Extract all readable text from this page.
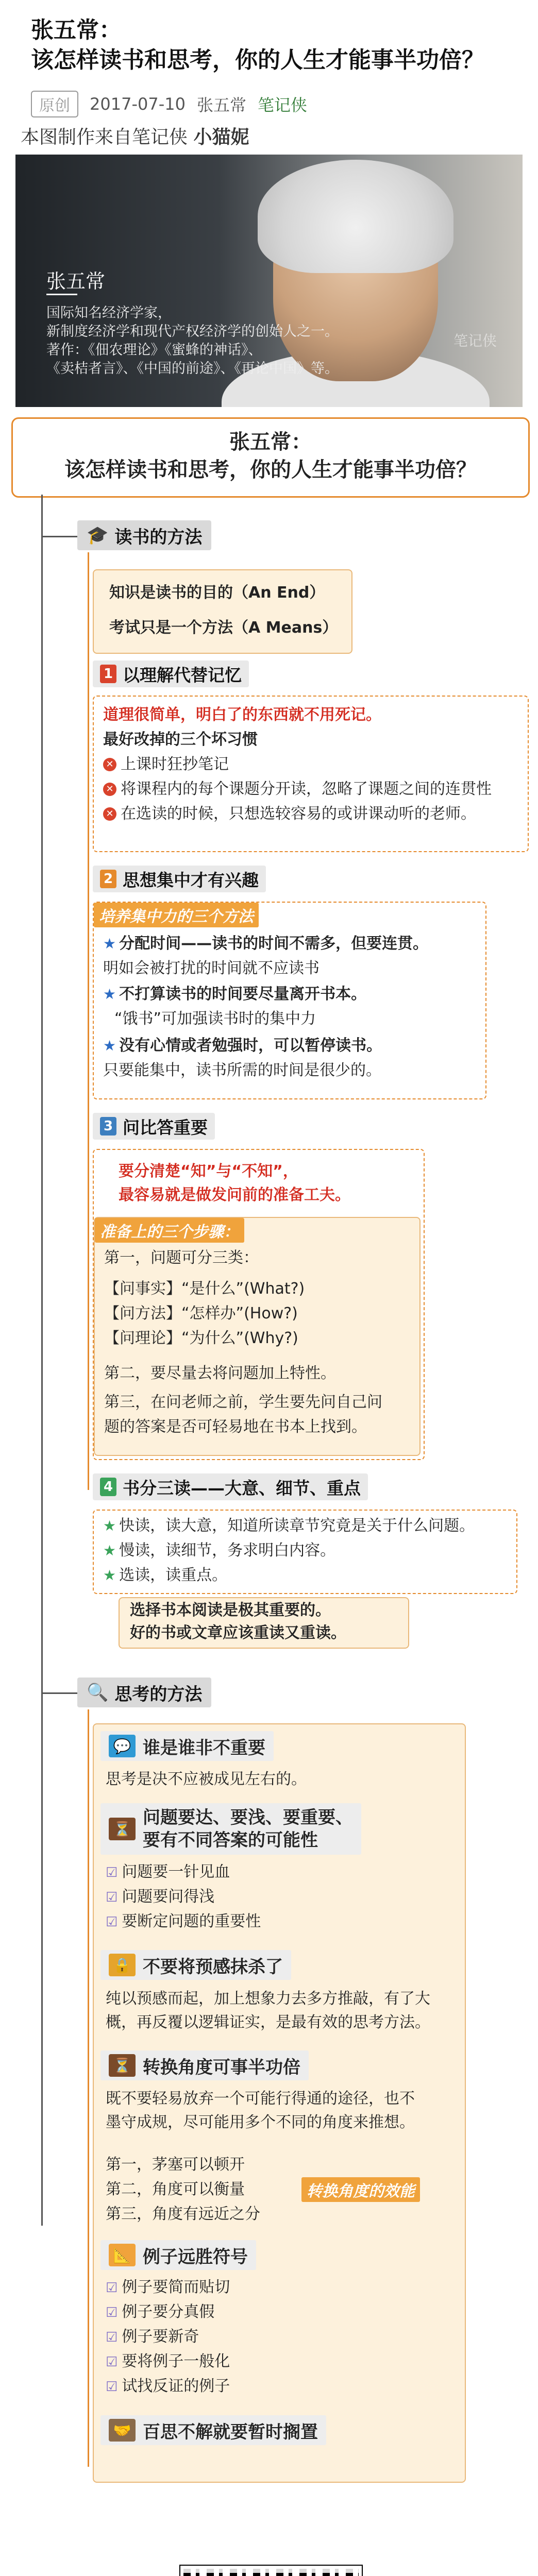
张五常：
该怎样读书和思考，你的人生才能事半功倍？
原创	2017-07-10 张五常 笔记侠
本图制作来自笔记侠 小猫妮
张五常
国际知名经济学家，
新制度经济学和现代产权经济学的创始人之一。
著作：《佃农理论》《蜜蜂的神话》、
《卖桔者言》、《中国的前途》、《再论中国》等。
笔记侠
张五常：
该怎样读书和思考，你的人生才能事半功倍？
🎓 读书的方法
知识是读书的目的（An End）
考试只是一个方法（A Means）
1 以理解代替记忆
道理很简单，明白了的东西就不用死记。
最好改掉的三个坏习惯
✕ 上课时狂抄笔记
✕ 将课程内的每个课题分开读，忽略了课题之间的连贯性
✕ 在选读的时候，只想选较容易的或讲课动听的老师。
2 思想集中才有兴趣
培养集中力的三个方法
★ 分配时间——读书的时间不需多，但要连贯。
明如会被打扰的时间就不应读书
★ 不打算读书的时间要尽量离开书本。
“饿书”可加强读书时的集中力
★ 没有心情或者勉强时，可以暂停读书。
只要能集中，读书所需的时间是很少的。
3 问比答重要
要分清楚“知”与“不知”，
最容易就是做发问前的准备工夫。
准备上的三个步骤：
第一，问题可分三类：
【问事实】“是什么”(What?)
【问方法】“怎样办”(How?)
【问理论】“为什么”(Why?)
第二，要尽量去将问题加上特性。
第三，在问老师之前，学生要先问自己问
题的答案是否可轻易地在书本上找到。
4 书分三读——大意、细节、重点
★ 快读，读大意，知道所读章节究竟是关于什么问题。
★ 慢读，读细节，务求明白内容。
★ 选读，读重点。
选择书本阅读是极其重要的。
好的书或文章应该重读又重读。
🔍 思考的方法
💬 谁是谁非不重要
思考是决不应被成见左右的。
⏳
问题要达、要浅、要重要、
要有不同答案的可能性
☑ 问题要一针见血
☑ 问题要问得浅
☑ 要断定问题的重要性
🔒 不要将预感抹杀了
纯以预感而起，加上想象力去多方推敲，有了大
概，再反覆以逻辑证实，是最有效的思考方法。
⏳ 转换角度可事半功倍
既不要轻易放弃一个可能行得通的途径，也不
墨守成规，尽可能用多个不同的角度来推想。
第一，茅塞可以顿开
第二，角度可以衡量
第三，角度有远近之分
转换角度的效能
📐 例子远胜符号
☑ 例子要简而贴切
☑ 例子要分真假
☑ 例子要新奇
☑ 要将例子一般化
☑ 试找反证的例子
🤝 百思不解就要暂时搁置
